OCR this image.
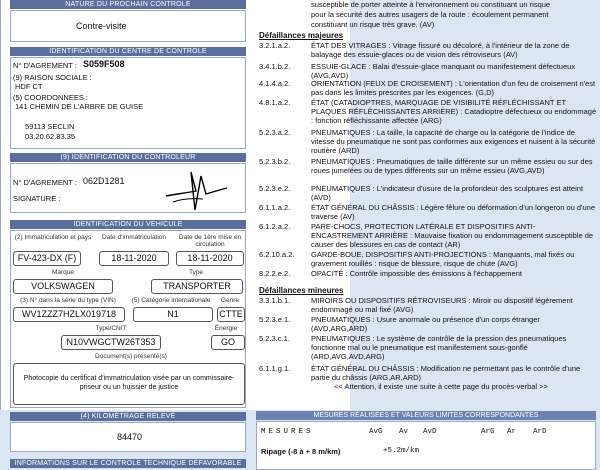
NATURE DU PROCHAIN CONTROLE
Contre-visite
IDENTIFICATION DU CENTRE DE CONTROLE
N° D'AGREMENT : S059F508
(9) RAISON SOCIALE :
HDF CT
(5) COORDONNEES :
141 CHEMIN DE L'ARBRE DE GUISE
59113 SECLIN
03.20.62.83.35
(9) IDENTIFICATION DU CONTROLEUR
N° D'AGREMENT : 062D1281
SIGNATURE :
IDENTIFICATION DU VEHICULE
(2) Immatriculation et pays	Date d'immatriculation	Date de 1ère mise en circulation
FV-423-DX (F)	18-11-2020	18-11-2020
Marque	Type
VOLKSWAGEN	TRANSPORTER
(3) N° dans la série du type (VIN)	(5) Catégorie internationale	Genre
WV1ZZZ7HZLX019718	N1	CTTE
Type/CNIT	Énergie
N10VWGCTW26T353	GO
Document(s) présenté(s)
Photocopie du certificat d'immatriculation visée par un commissaire-priseur ou un huissier de justice
(4) KILOMÉTRAGE RELEVÉ
84470
INFORMATIONS SUR LE CONTROLE TECHNIQUE DÉFAVORABLE
susceptible de porter atteinte à l'environnement ou constituant un risque
pour la sécurité des autres usagers de la route : écoulement permanent
constituant un risque très grave. (AV)
Défaillances majeures
3.2.1.a.2.	ÉTAT DES VITRAGES : Vitrage fissuré ou décoloré, à l'intérieur de la zone de balayage des essuie-glaces ou de vision des rétroviseurs (AV)
3.4.1.b.2.	ESSUIE-GLACE : Balai d'essuie-glace manquant ou manifestement défectueux (AVG,AVD)
4.1.4.a.2.	ORIENTATION (FEUX DE CROISEMENT) : L'orientation d'un feu de croisement n'est pas dans les limites prescrites par les exigences. (G,D)
4.8.1.a.2.	ÉTAT (CATADIOPTRES, MARQUAGE DE VISIBILITÉ RÉFLÉCHISSANT ET PLAQUES RÉFLÉCHISSANTES ARRIÈRE) : Catadioptre défectueux ou endommagé : fonction réfléchissante affectée (ARG)
5.2.3.a.2.	PNEUMATIQUES : La taille, la capacité de charge ou la catégorie de l'indice de vitesse du pneumatique ne sont pas conformes aux exigences et nuisent à la sécurité routière (ARD)
5.2.3.b.2.	PNEUMATIQUES : Pneumatiques de taille différente sur un même essieu ou sur des roues jumelées ou de types différents sur un même essieu (AVG,AVD)
5.2.3.e.2.	PNEUMATIQUES : L'indicateur d'usure de la profondeur des sculptures est atteint (AVD)
6.1.1.a.2.	ÉTAT GÉNÉRAL DU CHÂSSIS : Légère fêlure ou déformation d'un longeron ou d'une traverse (AV)
6.1.2.a.2.	PARE-CHOCS, PROTECTION LATÉRALE ET DISPOSITIFS ANTI-ENCASTREMENT ARRIÈRE : Mauvaise fixation ou endommagement susceptible de causer des blessures en cas de contact (AR)
6.2.10.a.2.	GARDE-BOUE, DISPOSITIFS ANTI-PROJECTIONS : Manquants, mal fixés ou gravement rouillés : risque de blessure, risque de chute (AVG)
8.2.2.e.2.	OPACITÉ : Contrôle impossible des émissions à l'échappement
Défaillances mineures
3.3.1.b.1.	MIROIRS OU DISPOSITIFS RÉTROVISEURS : Miroir ou dispositif légèrement endommagé ou mal fixé (AVG)
5.2.3.e.1.	PNEUMATIQUES : Usure anormale ou présence d'un corps étranger (AVD,ARG,ARD)
5.2.3.c.1.	PNEUMATIQUES : Le système de contrôle de la pression des pneumatiques fonctionne mal ou le pneumatique est manifestement sous-gonflé (ARD,AVG,AVD,ARG)
6.1.1.g.1.	ÉTAT GÉNÉRAL DU CHÂSSIS : Modification ne permettant pas le contrôle d'une partie du châssis (ARG,AR,ARD)
<< Attention, il existe une suite à cette page du procès-verbal >>
MESURES RÉALISÉES ET VALEURS LIMITES CORRESPONDANTES
MESURES	AvG Av AvD	ArG Ar ArD
Ripage (-8 à + 8 m/km)	+5.2m/km
